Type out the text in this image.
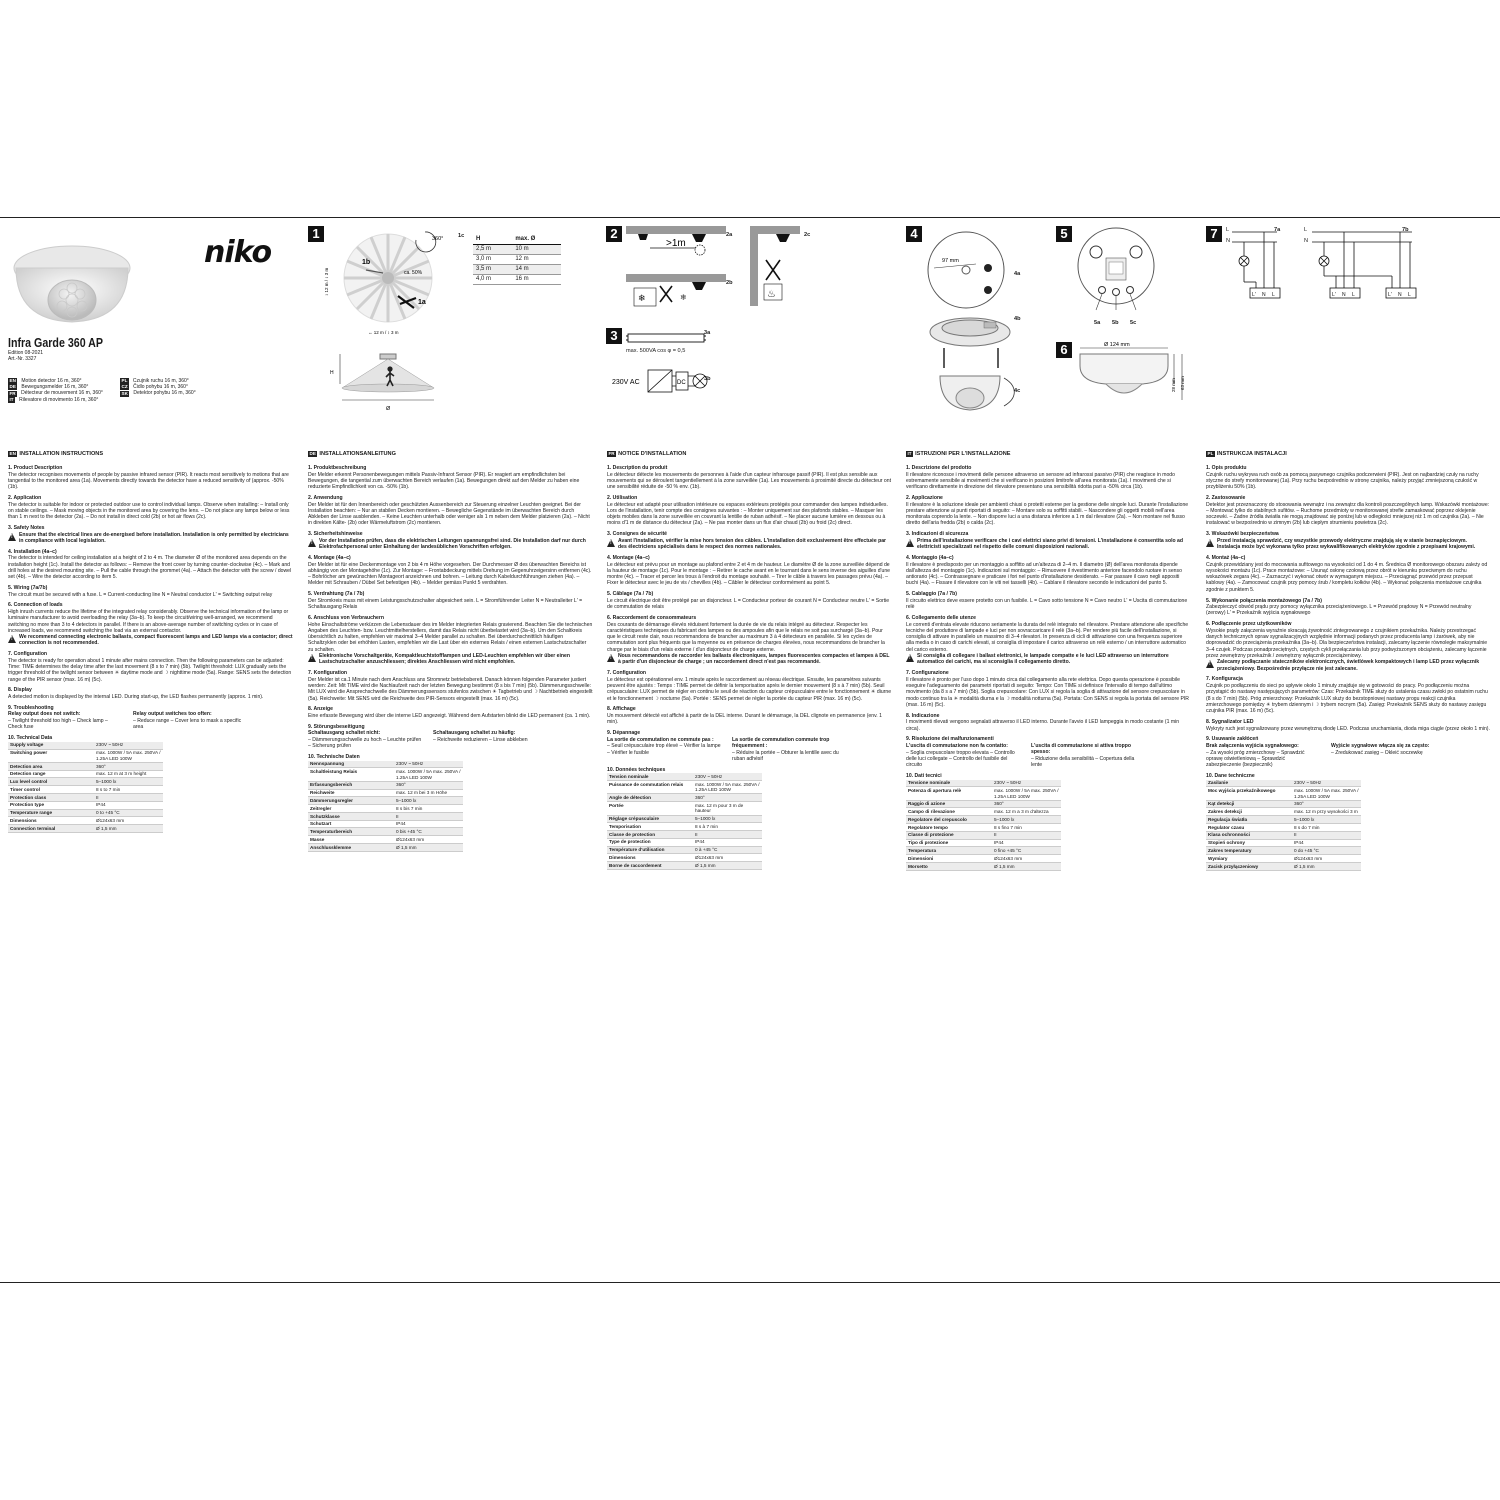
niko
Infra Garde 360 AP
Edition 08-2021
Art.-Nr. 3327
EN	Motion detector 16 m, 360°
DE	Bewegungsmelder 16 m, 360°
FR	Détecteur de mouvement 16 m, 360°
IT	Rilevatore di movimento 16 m, 360°
PL	Czujnik ruchu 16 m, 360°
CZ	Čidlo pohybu 16 m, 360°
SK	Detektor pohybu 16 m, 360°
1	360°
1b
ca. 50%
1a
↕ 12 m / ↕ 3 m
↔ 12 m / ↕ 3 m
H
Ø
1c H	max. Ø
2,5 m	10 m
3,0 m	12 m
3,5 m	14 m
4,0 m	16 m
2
>1m
❄	❄
2a
2b
♨
2c
3	3a
max. 500VA cos φ = 0,5
DC
230V AC	3b
4
97 mm
4a
4b
4c
5
5a 5b 5c
6	Ø 124 mm
28 mm 63 mm
7	7a	7b
L
N
L
N
L' N L	L' N L	L' N L
EN INSTALLATION INSTRUCTIONS
1. Product Description
The detector recognises movements of people by passive infrared sensor (PIR). It reacts most sensitively to motions that are tangential to the monitored area (1a). Movements directly towards the detector have a reduced sensitivity of (approx. -50% (1b).
2. Application
The detector is suitable for indoor or protected outdoor use to control individual lamps. Observe when installing: – Install only on stable ceilings. – Mask moving objects in the monitored area by covering the lens. – Do not place any lamps below or less than 1 m next to the detector (2a). – Do not install in direct cold (2b) or hot air flows (2c).
3. Safety Notes
!
Ensure that the electrical lines are de-energised before installation. Installation is only permitted by electricians in compliance with local legislation.
4. Installation (4a–c)
The detector is intended for ceiling installation at a height of 2 to 4 m. The diameter Ø of the monitored area depends on the installation height (1c). Install the detector as follows: – Remove the front cover by turning counter-clockwise (4c). – Mark and drill holes at the desired mounting site. – Pull the cable through the grommet (4a). – Attach the detector with the screw / dowel set (4b). – Wire the detector according to item 5.
5. Wiring (7a/7b)
The circuit must be secured with a fuse. L = Current-conducting line N = Neutral conductor L' = Switching output relay
6. Connection of loads
High inrush currents reduce the lifetime of the integrated relay considerably. Observe the technical information of the lamp or luminaire manufacturer to avoid overloading the relay (3a–b). To keep the circuit/wiring well-arranged, we recommend switching no more than 3 to 4 detectors in parallel. If there is an above-average number of switching cycles or in case of increased loads, we recommend switching the load via an external contactor.
!
We recommend connecting electronic ballasts, compact fluorescent lamps and LED lamps via a contactor; direct connection is not recommended.
7. Configuration
The detector is ready for operation about 1 minute after mains connection. Then the following parameters can be adjusted: Time: TIME determines the delay time after the last movement (8 s to 7 min) (5b). Twilight threshold: LUX gradually sets the trigger threshold of the twilight sensor between ☀ daytime mode and ☽ nighttime mode (5a). Range: SENS sets the detection range of the PIR sensor (max. 16 m) (5c).
8. Display
A detected motion is displayed by the internal LED. During start-up, the LED flashes permanently (approx. 1 min).
9. Troubleshooting
Relay output does not switch:
– Twilight threshold too high – Check lamp – Check fuse
Relay output switches too often:
– Reduce range – Cover lens to mask a specific area
10. Technical Data
Supply voltage	230V ~ 50Hz
Switching power	max. 1000W / 5A max. 250VA / 1.25A LED 100W
Detection area	360°
Detection range	max. 12 m at 3 m height
Lux level control	5–1000 lx
Timer control	8 s to 7 min
Protection class	II
Protection type	IP44
Temperature range	0 to +45 °C
Dimensions	Ø124x63 mm
Connection terminal	Ø 1,5 mm
DE INSTALLATIONSANLEITUNG
1. Produktbeschreibung
Der Melder erkennt Personenbewegungen mittels Passiv-Infrarot Sensor (PIR). Er reagiert am empfindlichsten bei Bewegungen, die tangential zum überwachten Bereich verlaufen (1a). Bewegungen direkt auf den Melder zu haben eine reduzierte Empfindlichkeit von ca. -50% (1b).
2. Anwendung
Der Melder ist für den Innenbereich oder geschützten Aussenbereich zur Steuerung einzelner Leuchten geeignet. Bei der Installation beachten: – Nur an stabilen Decken montieren. – Bewegliche Gegenstände im überwachten Bereich durch Abkleben der Linse ausblenden. – Keine Leuchten unterhalb oder weniger als 1 m neben dem Melder platzieren (2a). – Nicht in direkten Kälte- (2b) oder Wärmeluftstrom (2c) montieren.
3. Sicherheitshinweise
!
Vor der Installation prüfen, dass die elektrischen Leitungen spannungsfrei sind. Die Installation darf nur durch Elektrofachpersonal unter Einhaltung der landesüblichen Vorschriften erfolgen.
4. Montage (4a–c)
Der Melder ist für eine Deckenmontage von 2 bis 4 m Höhe vorgesehen. Der Durchmesser Ø des überwachten Bereichs ist abhängig von der Montagehöhe (1c). Zur Montage: – Frontabdeckung mittels Drehung im Gegenuhrzeigersinn entfernen (4c). – Bohrlöcher am gewünschten Montageort anzeichnen und bohren. – Leitung durch Kabeldurchführungen ziehen (4a). – Melder mit Schrauben / Dübel Set befestigen (4b). – Melder gemäss Punkt 5 verdrahten.
5. Verdrahtung (7a / 7b)
Der Stromkreis muss mit einem Leistungsschutzschalter abgesichert sein. L = Stromführender Leiter N = Neutralleiter L' = Schaltausgang Relais
6. Anschluss von Verbrauchern
Hohe Einschaltströme verkürzen die Lebensdauer des im Melder integrierten Relais gravierend. Beachten Sie die technischen Angaben des Leuchten- bzw. Leuchtmittelherstellers, damit das Relais nicht überbelastet wird (3a–b). Um den Schaltkreis übersichtlich zu halten, empfehlen wir maximal 3–4 Melder parallel zu schalten. Bei überdurchschnittlich häufigen Schaltzyklen oder bei erhöhten Lasten, empfehlen wir die Last über ein externes Relais / einen externen Lastschutzschalter zu schalten.
!
Elektronische Vorschaltgeräte, Kompaktleuchtstofflampen und LED-Leuchten empfehlen wir über einen Lastschutzschalter anzuschliessen; direktes Anschliessen wird nicht empfohlen.
7. Konfiguration
Der Melder ist ca.1 Minute nach dem Anschluss ans Stromnetz betriebsbereit. Danach können folgenden Parameter justiert werden: Zeit: Mit TIME wird die Nachlaufzeit nach der letzten Bewegung bestimmt (8 s bis 7 min) (5b). Dämmerungsschwelle: Mit LUX wird die Ansprechschwelle des Dämmerungssensors stufenlos zwischen ☀ Tagbetrieb und ☽ Nachtbetrieb eingestellt (5a). Reichweite: Mit SENS wird die Reichweite des PIR-Sensors eingestellt (max. 16 m) (5c).
8. Anzeige
Eine erfasste Bewegung wird über die interne LED angezeigt. Während dem Aufstarten blinkt die LED permanent (ca. 1 min).
9. Störungsbeseitigung
Schaltausgang schaltet nicht:
– Dämmerungsschwelle zu hoch – Leuchte prüfen – Sicherung prüfen
Schaltausgang schaltet zu häufig:
– Reichweite reduzieren – Linse abkleben
10. Technische Daten
Nennspannung	230V ~ 50Hz
Schaltleistung Relais	max. 1000W / 5A max. 250VA / 1.25A LED 100W
Erfassungsbereich	360°
Reichweite	max. 12 m bei 3 m Höhe
Dämmerungsregler	5–1000 lx
Zeitregler	8 s bis 7 min
Schutzklasse	II
Schutzart	IP44
Temperaturbereich	0 bis +45 °C
Masse	Ø124x63 mm
Anschlussklemme	Ø 1,5 mm
FR NOTICE D'INSTALLATION
1. Description du produit
Le détecteur détecte les mouvements de personnes à l'aide d'un capteur infrarouge passif (PIR). Il est plus sensible aux mouvements qui se déroulent tangentiellement à la zone surveillée (1a). Les mouvements à proximité directe du détecteur ont une sensibilité réduite de -50 % env. (1b).
2. Utilisation
Le détecteur est adapté pour utilisation intérieure ou espaces extérieurs protégés pour commander des lampes individuelles. Lors de l'installation, tenir compte des consignes suivantes : – Monter uniquement sur des plafonds stables. – Masquer les objets mobiles dans la zone surveillée en couvrant la lentille de ruban adhésif. – Ne placer aucune lumière en dessous ou à moins d'1 m de distance du détecteur (2a). – Ne pas monter dans un flux d'air chaud (2b) ou froid (2c) direct.
3. Consignes de sécurité
!
Avant l'installation, vérifier la mise hors tension des câbles. L'installation doit exclusivement être effectuée par des électriciens spécialisés dans le respect des normes nationales.
4. Montage (4a–c)
Le détecteur est prévu pour un montage au plafond entre 2 et 4 m de hauteur. Le diamètre Ø de la zone surveillée dépend de la hauteur de montage (1c). Pour le montage : – Retirer le cache avant en le tournant dans le sens inverse des aiguilles d'une montre (4c). – Tracer et percer les trous à l'endroit du montage souhaité. – Tirer le câble à travers les passages prévu (4a). – Fixer le détecteur avec le jeu de vis / chevilles (4b). – Câbler le détecteur conformément au point 5.
5. Câblage (7a / 7b)
Le circuit électrique doit être protégé par un disjoncteur. L = Conducteur porteur de courant N = Conducteur neutre L' = Sortie de commutation de relais
6. Raccordement de consommateurs
Des courants de démarrage élevés réduisent fortement la durée de vie du relais intégré au détecteur. Respecter les caractéristiques techniques du fabricant des lampes ou des ampoules afin que le relais ne soit pas surchargé (3a–b). Pour que le circuit reste clair, nous recommandons de brancher au maximum 3 à 4 détecteurs en parallèle. Si les cycles de commutation sont plus fréquents que la moyenne ou en présence de charges élevées, nous recommandons de brancher la charge par le biais d'un relais externe / d'un disjoncteur de charge externe.
!
Nous recommandons de raccorder les ballasts électroniques, lampes fluorescentes compactes et lampes à DEL à partir d'un disjoncteur de charge ; un raccordement direct n'est pas recommandé.
7. Configuration
Le détecteur est opérationnel env. 1 minute après le raccordement au réseau électrique. Ensuite, les paramètres suivants peuvent être ajustés : Temps : TIME permet de définir la temporisation après le dernier mouvement (8 s à 7 min) (5b). Seuil crépusculaire: LUX permet de régler en continu le seuil de réaction du capteur crépusculaire entre le fonctionnement ☀ diurne et le fonctionnement ☽ nocturne (5a). Portée : SENS permet de régler la portée du capteur PIR (max. 16 m) (5c).
8. Affichage
Un mouvement détecté est affiché à partir de la DEL interne. Durant le démarrage, la DEL clignote en permanence (env. 1 min).
9. Dépannage
La sortie de commutation ne commute pas :
– Seuil crépusculaire trop élevé – Vérifier la lampe – Vérifier le fusible
La sortie de commutation commute trop fréquemment :
– Réduire la portée – Obturer la lentille avec du ruban adhésif
10. Données techniques
Tension nominale	230V ~ 50Hz
Puissance de commutation relais	max. 1000W / 5A max. 250VA / 1.25A LED 100W
Angle de détection	360°
Portée	max. 12 m pour 3 m de hauteur
Réglage crépusculaire	5–1000 lx
Temporisation	8 s à 7 min
Classe de protection	II
Type de protection	IP44
Température d'utilisation	0 à +45 °C
Dimensions	Ø124x63 mm
Borne de raccordement	Ø 1,5 mm
IT ISTRUZIONI PER L'INSTALLAZIONE
1. Descrizione del prodotto
Il rilevatore riconosce i movimenti delle persone attraverso un sensore ad infrarossi passivo (PIR) che reagisce in modo estremamente sensibile ai movimenti che si verificano in posizioni limitrofe all'area monitorata (1a). I movimenti che si verificano direttamente in direzione del rilevatore presentano una sensibilità ridotta pari a -50% circa (1b).
2. Applicazione
Il rilevatore è la soluzione ideale per ambienti chiusi o protetti esterne per la gestione delle singole luci. Durante l'installazione prestare attenzione ai punti riportati di seguito: – Montare solo su soffitti stabili. – Nascondere gli oggetti mobili nell'area monitorata coprendo la lente. – Non disporre luci a una distanza inferiore a 1 m dal rilevatore (2a). – Non montare nel flusso diretto dell'aria fredda (2b) o calda (2c).
3. Indicazioni di sicurezza
!
Prima dell'installazione verificare che i cavi elettrici siano privi di tensioni. L'installazione è consentita solo ad elettricisti specializzati nel rispetto delle comuni disposizioni nazionali.
4. Montaggio (4a–c)
Il rilevatore è predisposto per un montaggio a soffitto ad un'altezza di 2–4 m. Il diametro (Ø) dell'area monitorata dipende dall'altezza del montaggio (1c). Indicazioni sul montaggio: – Rimuovere il rivestimento anteriore facendolo ruotare in senso antiorario (4c). – Contrassegnare e praticare i fori nel punto d'installazione desiderato. – Far passare il cavo negli appositi buchi (4a). – Fissare il rilevatore con le viti nei tasselli (4b). – Cablare il rilevatore secondo le indicazioni del punto 5.
5. Cablaggio (7a / 7b)
Il circuito elettrico deve essere protetto con un fusibile. L = Cavo sotto tensione N = Cavo neutro L' = Uscita di commutazione relè
6. Collegamento delle utenze
Le correnti d'entrata elevate riducono seriamente la durata del relè integrato nel rilevatore. Prestare attenzione alle specifiche tecniche del produttore di lampade e luci per non sovraccaricare il relè (3a–b). Per rendere più facile dell'installazione, si consiglia di attivare in parallelo un massimo di 3–4 rilevatori. In presenza di cicli di attivazione con una frequenza superiore alla media o in caso di carichi elevati, si consiglia di impostare il carico attraverso un relè esterno / un interruttore automatico del carico esterno.
!
Si consiglia di collegare i ballast elettronici, le lampade compatte e le luci LED attraverso un interruttore automatico dei carichi, ma si sconsiglia il collegamento diretto.
7. Configurazione
Il rilevatore è pronto per l'uso dopo 1 minuto circa dal collegamento alla rete elettrica. Dopo questa operazione è possibile eseguire l'adeguamento dei parametri riportati di seguito: Tempo: Con TIME si definisce l'intervallo di tempo dall'ultimo movimento (da 8 s a 7 min) (5b). Soglia crepuscolare: Con LUX si regola la soglia di attivazione del sensore crepuscolare in modo continuo tra la ☀ modalità diurna e la ☽ modalità notturna (5a). Portata: Con SENS si regola la portata del sensore PIR (max. 16 m) (5c).
8. Indicazione
I movimenti rilevati vengono segnalati attraverso il LED interno. Durante l'avvio il LED lampeggia in modo costante (1 min circa).
9. Risoluzione dei malfunzionamenti
L'uscita di commutazione non fa contatto:
– Soglia crepuscolare troppo elevata – Controllo delle luci collegate – Controllo del fusibile del circuito
L'uscita di commutazione si attiva troppo spesso:
– Riduzione della sensibilità – Copertura della lente
10. Dati tecnici
Tensione nominale	230V ~ 50Hz
Potenza di apertura relè	max. 1000W / 5A max. 250VA / 1.25A LED 100W
Raggio di azione	360°
Campo di rilevazione	max. 12 m a 3 m d'altezza
Regolatore del crepuscolo	5–1000 lx
Regolatore tempo	8 s fino 7 min
Classe di protezione	II
Tipo di protezione	IP44
Temperatura	0 fino +45 °C
Dimensioni	Ø124x63 mm
Morsetto	Ø 1,5 mm
PL INSTRUKCJA INSTALACJI
1. Opis produktu
Czujnik ruchu wykrywa ruch osób za pomocą pasywnego czujnika podczerwieni (PIR). Jest on najbardziej czuły na ruchy styczne do strefy monitorowanej (1a). Przy ruchu bezpośrednio w stronę czujnika, należy przyjąć zmniejszoną czułość w przybliżeniu 50% (1b).
2. Zastosowanie
Detektor jest przeznaczony do stosowania wewnątrz i na zewnątrz dla kontroli poszczególnych lamp. Wskazówki montażowe: – Montować tylko do stabilnych sufitów. – Ruchome przedmioty w monitorowanej strefie zamaskować poprzez oklejenie soczewki. – Żadne źródła światła nie mogą znajdować się poniżej lub w odległości mniejszej niż 1 m od czujnika (2a). – Nie instalować w bezpośrednio w zimnym (2b) lub ciepłym strumieniu powietrza (2c).
3. Wskazówki bezpieczeństwa
!
Przed instalacją sprawdzić, czy wszystkie przewody elektryczne znajdują się w stanie beznapięciowym. Instalacja może być wykonana tylko przez wykwalifikowanych elektryków zgodnie z przepisami krajowymi.
4. Montaż (4a–c)
Czujnik przewidziany jest do mocowania sufitowego na wysokości od 1 do 4 m. Średnica Ø monitorowego obszaru zależy od wysokości montażu (1c). Prace montażowe: – Usunąć osłonę czołową przez obrót w kierunku przeciwnym do ruchu wskazówek zegara (4c). – Zaznaczyć i wykonać otwór w wymaganym miejscu. – Przeciągnąć przewód przez przepust kablowy (4a). – Zamocować czujnik przy pomocy śrub / kompletu kołków (4b). – Wykonać połączenia montażowe czujnika zgodnie z punktem 5.
5. Wykonanie połączenia montażowego (7a / 7b)
Zabezpieczyć obwód prądu przy pomocy wyłącznika przeciążeniowego. L = Przewód prądowy N = Przewód neutralny (zerowy) L' = Przekaźnik wyjścia sygnałowego
6. Podłączenie przez użytkowników
Wysokie prądy załączenia wyraźnie skracają żywotność zintegrowanego z czujnikiem przekaźnika. Należy przestrzegać danych technicznych opraw sygnalizacyjnych względnie informacji podanych przez producenta lamp i żarówek, aby nie doprowadzić do przeciążenia przekaźnika (3a–b). Dla bezpieczeństwa instalacji, zalecamy łączenie równoległe maksymalnie 3–4 czujek. Podczas ponadprzeciętnych, częstych cykli przełączania lub przy podwyższonym obciążeniu, zalecamy łączenie przez zewnętrzny przekaźnik / zewnętrzny wyłącznik przeciążeniowy.
!
Zalecamy podłączanie stateczników elektronicznych, świetlówek kompaktowych i lamp LED przez wyłącznik przeciążeniowy. Bezpośrednie przyłącze nie jest zalecane.
7. Konfiguracja
Czujnik po podłączeniu do sieci po upływie około 1 minuty znajduje się w gotowości do pracy. Po podłączeniu można przystąpić do nastawy następujących parametrów: Czas: Przekaźnik TIME służy do ustalenia czasu zwłoki po ostatnim ruchu (8 s do 7 min) (5b). Próg zmierzchowy: Przekaźnik LUX służy do bezstopniowej nastawy progu reakcji czujnika zmierzchowego pomiędzy ☀ trybem dziennym i ☽ trybem nocnym (5a). Zasięg: Przekaźnik SENS służy do nastawy zasięgu czujnika PIR (max. 16 m) (5c).
8. Sygnalizator LED
Wykryty ruch jest sygnalizowany przez wewnętrzną diodę LED. Podczas uruchamiania, dioda miga ciągle (przez około 1 min).
9. Usuwanie zakłóceń
Brak załączenia wyjścia sygnałowego:
– Za wysoki próg zmierzchowy – Sprawdzić oprawę oświetleniową – Sprawdzić zabezpieczenie (bezpiecznik)
Wyjście sygnałowe włącza się za często:
– Zredukować zasięg – Okleić soczewkę
10. Dane techniczne
Zasilanie	230V ~ 50Hz
Moc wyjścia przekaźnikowego	max. 1000W / 5A max. 250VA / 1.25A LED 100W
Kąt detekcji	360°
Zakres detekcji	max. 12 m przy wysokości 3 m
Regulacja światła	5–1000 lx
Regulator czasu	8 s do 7 min
Klasa ochronności	II
Stopień ochrony	IP44
Zakres temperatury	0 do +45 °C
Wymiary	Ø124x63 mm
Zacisk przyłączeniowy	Ø 1,5 mm
